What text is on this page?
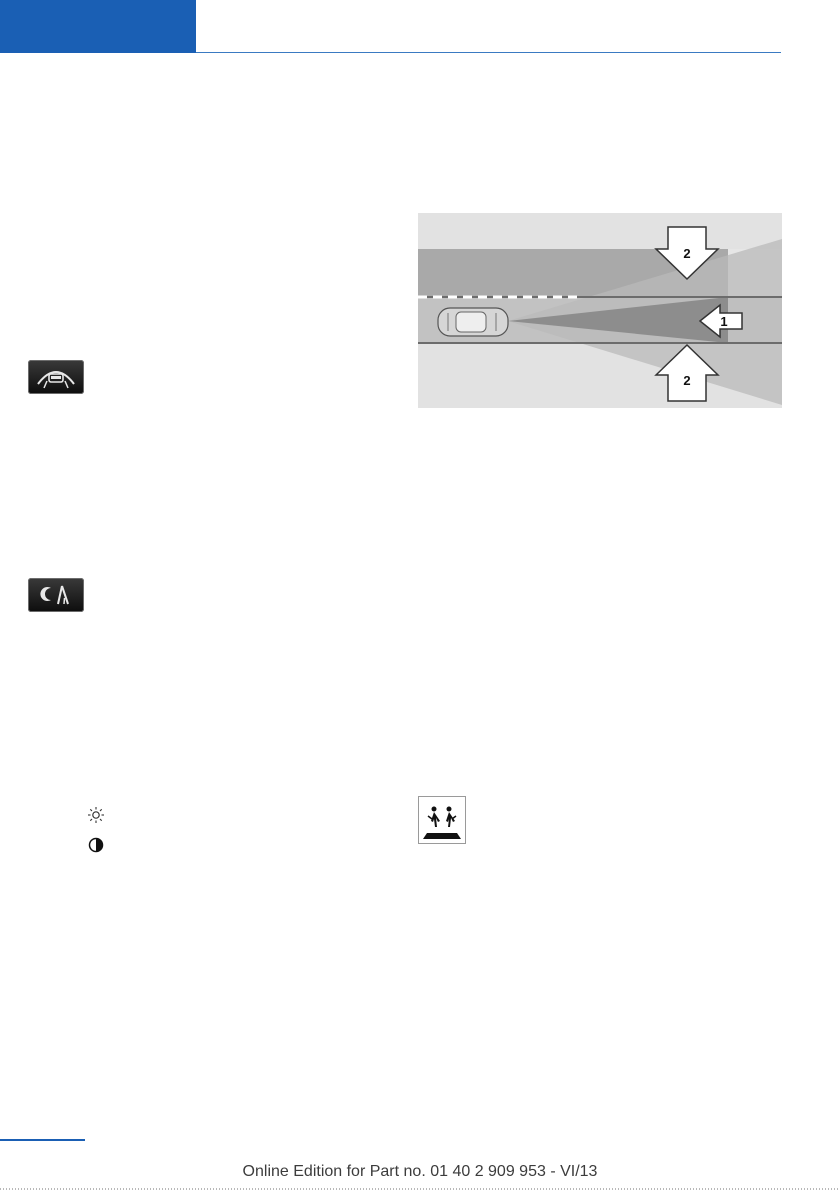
1
2
2
Online Edition for Part no. 01 40 2 909 953 - VI/13
